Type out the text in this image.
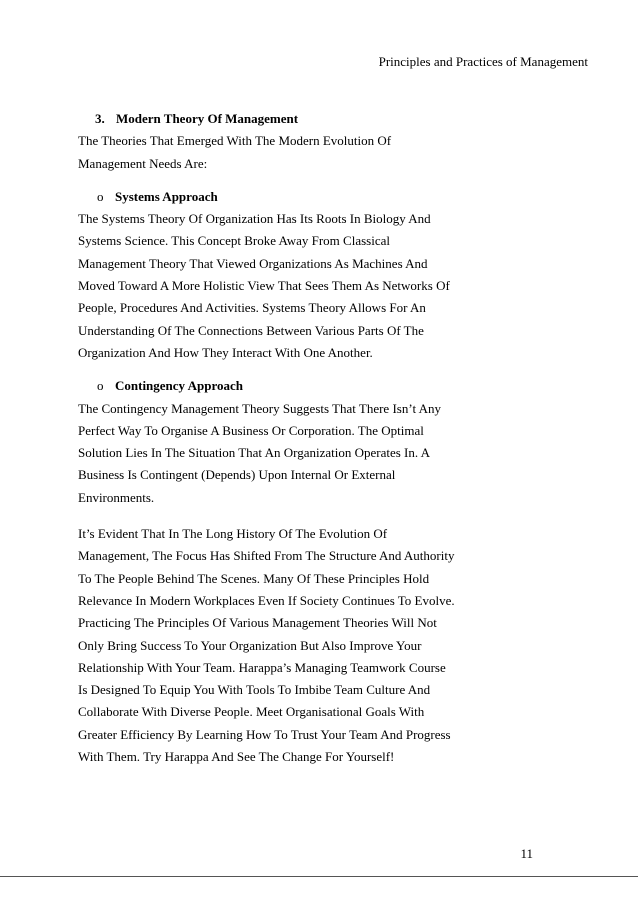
Principles and Practices of Management
3. Modern Theory Of Management
The Theories That Emerged With The Modern Evolution Of
Management Needs Are:
o Systems Approach
The Systems Theory Of Organization Has Its Roots In Biology And
Systems Science. This Concept Broke Away From Classical
Management Theory That Viewed Organizations As Machines And
Moved Toward A More Holistic View That Sees Them As Networks Of
People, Procedures And Activities. Systems Theory Allows For An
Understanding Of The Connections Between Various Parts Of The
Organization And How They Interact With One Another.
o Contingency Approach
The Contingency Management Theory Suggests That There Isn’t Any
Perfect Way To Organise A Business Or Corporation. The Optimal
Solution Lies In The Situation That An Organization Operates In. A
Business Is Contingent (Depends) Upon Internal Or External
Environments.
It’s Evident That In The Long History Of The Evolution Of
Management, The Focus Has Shifted From The Structure And Authority
To The People Behind The Scenes. Many Of These Principles Hold
Relevance In Modern Workplaces Even If Society Continues To Evolve.
Practicing The Principles Of Various Management Theories Will Not
Only Bring Success To Your Organization But Also Improve Your
Relationship With Your Team. Harappa’s Managing Teamwork Course
Is Designed To Equip You With Tools To Imbibe Team Culture And
Collaborate With Diverse People. Meet Organisational Goals With
Greater Efficiency By Learning How To Trust Your Team And Progress
With Them. Try Harappa And See The Change For Yourself!
11
